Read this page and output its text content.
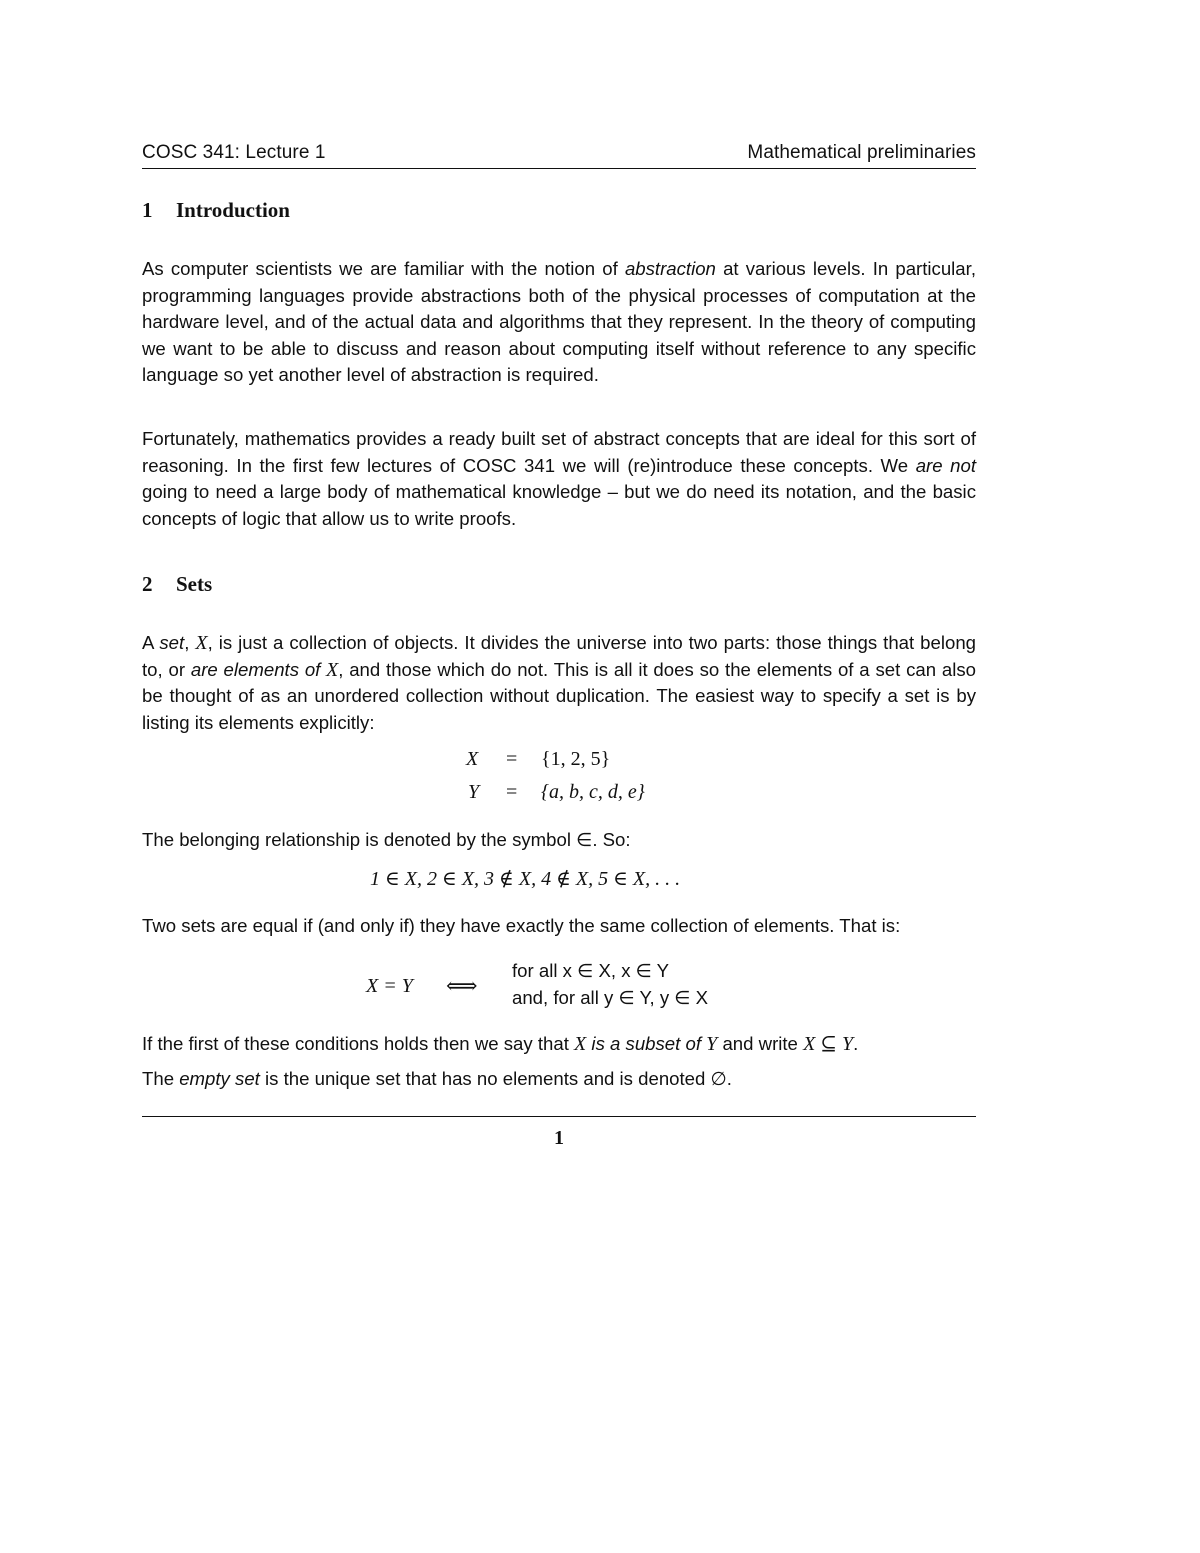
COSC 341: Lecture 1	Mathematical preliminaries
1 Introduction

As computer scientists we are familiar with the notion of abstraction at various levels. In particular, programming languages provide abstractions both of the physical processes of computation at the hardware level, and of the actual data and algorithms that they represent. In the theory of computing we want to be able to discuss and reason about computing itself without reference to any specific language so yet another level of abstraction is required.

Fortunately, mathematics provides a ready built set of abstract concepts that are ideal for this sort of reasoning. In the first few lectures of COSC 341 we will (re)introduce these concepts. We are not going to need a large body of mathematical knowledge – but we do need its notation, and the basic concepts of logic that allow us to write proofs.

2 Sets

A set, X, is just a collection of objects. It divides the universe into two parts: those things that belong to, or are elements of X, and those which do not. This is all it does so the elements of a set can also be thought of as an unordered collection without duplication. The easiest way to specify a set is by listing its elements explicitly:

X = {1, 2, 5}
Y = {a, b, c, d, e}

The belonging relationship is denoted by the symbol ∈. So:

1 ∈ X, 2 ∈ X, 3 ∉ X, 4 ∉ X, 5 ∈ X, . . .

Two sets are equal if (and only if) they have exactly the same collection of elements. That is:

X = Y ⟺
for all x ∈ X, x ∈ Y
and, for all y ∈ Y, y ∈ X

If the first of these conditions holds then we say that X is a subset of Y and write X ⊆ Y.

The empty set is the unique set that has no elements and is denoted ∅.

1
